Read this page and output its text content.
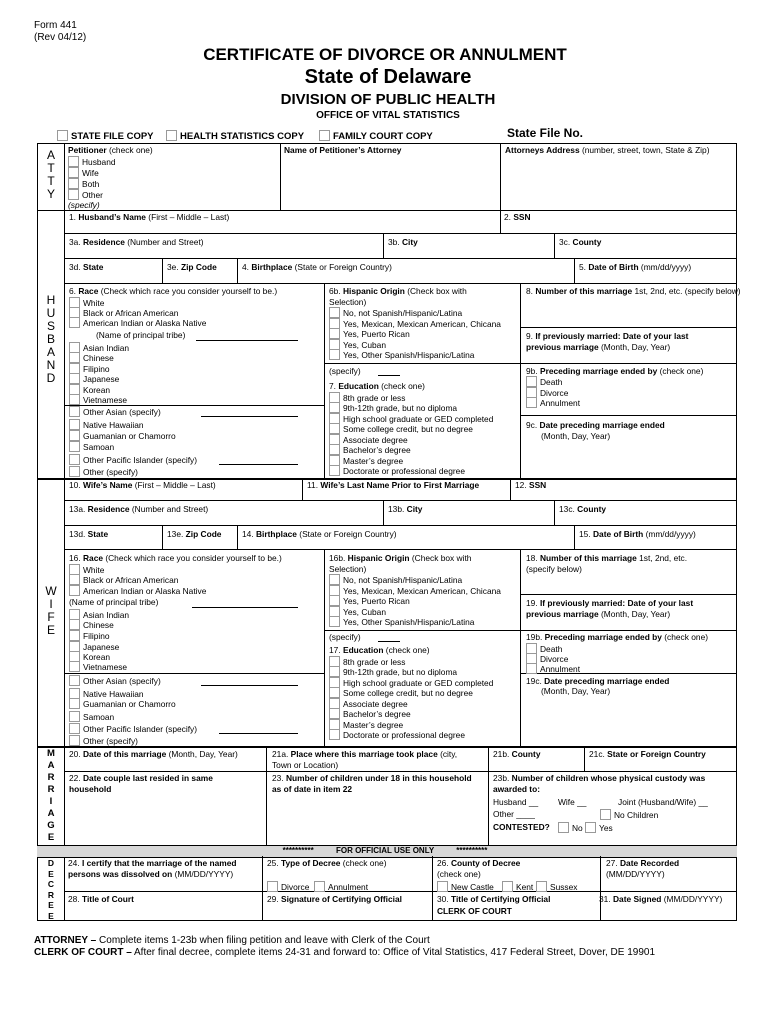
Form 441
(Rev 04/12)
CERTIFICATE OF DIVORCE OR ANNULMENT
State of Delaware
DIVISION OF PUBLIC HEALTH
OFFICE OF VITAL STATISTICS
STATE FILE COPY	HEALTH STATISTICS COPY	FAMILY COURT COPY	State File No.
A
T
T
Y
Petitioner (check one)
Husband
Wife
Both
Other
(specify)
Name of Petitioner’s Attorney	Attorneys Address (number, street, town, State & Zip)
H
U
S
B
A
N
D
1. Husband’s Name (First – Middle – Last)	2. SSN
3a. Residence (Number and Street)	3b. City	3c. County
3d. State	3e. Zip Code	4. Birthplace (State or Foreign Country)	5. Date of Birth (mm/dd/yyyy)
6. Race (Check which race you consider yourself to be.)
White
Black or African American
American Indian or Alaska Native
(Name of principal tribe)
Asian Indian
Chinese
Filipino
Japanese
Korean
Vietnamese
Other Asian (specify)
Native Hawaiian
Guamanian or Chamorro
Samoan
Other Pacific Islander (specify)
Other (specify)
6b. Hispanic Origin (Check box with
Selection)
No, not Spanish/Hispanic/Latina
Yes, Mexican, Mexican American, Chicana
Yes, Puerto Rican
Yes, Cuban
Yes, Other Spanish/Hispanic/Latina
(specify)
7. Education (check one)
8th grade or less
9th-12th grade, but no diploma
High school graduate or GED completed
Some college credit, but no degree
Associate degree
Bachelor’s degree
Master’s degree
Doctorate or professional degree
8. Number of this marriage 1st, 2nd, etc. (specify below)
9. If previously married: Date of your last previous marriage (Month, Day, Year)
9b. Preceding marriage ended by (check one)
Death
Divorce
Annulment
9c. Date preceding marriage ended
(Month, Day, Year)
W
I
F
E
10. Wife’s Name (First – Middle – Last)	11. Wife’s Last Name Prior to First Marriage	12. SSN
13a. Residence (Number and Street)	13b. City	13c. County
13d. State	13e. Zip Code 14. Birthplace (State or Foreign Country)	15. Date of Birth (mm/dd/yyyy)
16. Race (Check which race you consider yourself to be.)
White
Black or African American
American Indian or Alaska Native
(Name of principal tribe)
Asian Indian
Chinese
Filipino
Japanese
Korean
Vietnamese
Other Asian (specify)
Native Hawaiian
Guamanian or Chamorro
Samoan
Other Pacific Islander (specify)
Other (specify)
16b. Hispanic Origin (Check box with
Selection)
No, not Spanish/Hispanic/Latina
Yes, Mexican, Mexican American, Chicana
Yes, Puerto Rican
Yes, Cuban
Yes, Other Spanish/Hispanic/Latina
(specify)
17. Education (check one)
8th grade or less
9th-12th grade, but no diploma
High school graduate or GED completed
Some college credit, but no degree
Associate degree
Bachelor’s degree
Master’s degree
Doctorate or professional degree
18. Number of this marriage 1st, 2nd, etc.
(specify below)
19. If previously married: Date of your last previous marriage (Month, Day, Year)
19b. Preceding marriage ended by (check one)
Death
Divorce
Annulment
19c. Date preceding marriage ended
(Month, Day, Year)
M
A
R
R
I
A
G
E
20. Date of this marriage (Month, Day, Year)	21a. Place where this marriage took place (city,
Town or Location)
21b. County	21c. State or Foreign Country
22. Date couple last resided in same household
23. Number of children under 18 in this household as of date in item 22
23b. Number of children whose physical custody was awarded to:
Husband __ Wife __	Joint (Husband/Wife) __
Other ____	No Children
CONTESTED?	No	Yes
**********          FOR OFFICIAL USE ONLY          **********
D
E
C
R
E
E
24. I certify that the marriage of the named persons was dissolved on (MM/DD/YYYY)
25. Type of Decree (check one)
Divorce	Annulment
26. County of Decree
(check one)
New Castle	Kent	Sussex
27. Date Recorded
(MM/DD/YYYY)
28. Title of Court	29. Signature of Certifying Official	30. Title of Certifying Official
CLERK OF COURT
31. Date Signed (MM/DD/YYYY)
ATTORNEY – Complete items 1-23b when filing petition and leave with Clerk of the Court
CLERK OF COURT – After final decree, complete items 24-31 and forward to: Office of Vital Statistics, 417 Federal Street, Dover, DE 19901
